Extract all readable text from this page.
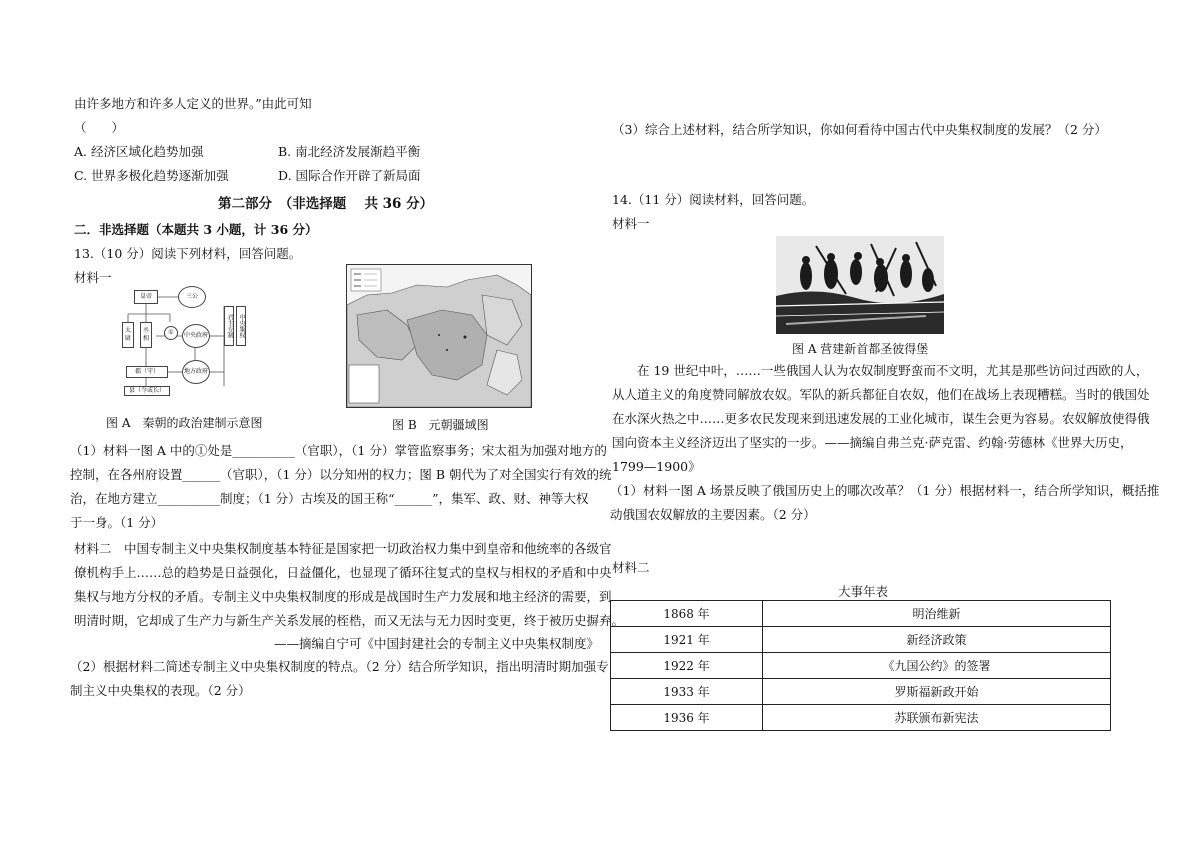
由许多地方和许多人定义的世界。”由此可知
（　　）
A. 经济区域化趋势加强	B. 南北经济发展渐趋平衡
C. 世界多极化趋势逐渐加强	D. 国际合作开辟了新局面
第二部分　（非选择题　 共 36 分）
二．非选择题（本题共 3 小题，计 36 分）
13.（10 分）阅读下列材料，回答问题。
材料一
皇帝	三公
太尉
丞相
①	中央政府
郡（守）	地方政府
县（令或长）
君主专制 中央集权
图 A　秦朝的政治建制示意图	图 B　元朝疆域图
（1）材料一图 A 中的①处是__________（官职），（1 分）掌管监察事务；宋太祖为加强对地方的
控制，在各州府设置______（官职），（1 分）以分知州的权力；图 B 朝代为了对全国实行有效的统
治，在地方建立__________制度；（1 分）古埃及的国王称“______”，集军、政、财、神等大权
于一身。（1 分）
材料二　中国专制主义中央集权制度基本特征是国家把一切政治权力集中到皇帝和他统率的各级官
僚机构手上……总的趋势是日益强化，日益僵化，也显现了循环往复式的皇权与相权的矛盾和中央
集权与地方分权的矛盾。专制主义中央集权制度的形成是战国时生产力发展和地主经济的需要，到
明清时期，它却成了生产力与新生产关系发展的桎梏，而又无法与无力因时变更，终于被历史摒弃。
——摘编自宁可《中国封建社会的专制主义中央集权制度》
（2）根据材料二简述专制主义中央集权制度的特点。（2 分）结合所学知识，指出明清时期加强专
制主义中央集权的表现。（2 分）
（3）综合上述材料，结合所学知识，你如何看待中国古代中央集权制度的发展？（2 分）
14.（11 分）阅读材料，回答问题。
材料一
图 A 营建新首都圣彼得堡
　　在 19 世纪中叶，……一些俄国人认为农奴制度野蛮而不文明，尤其是那些访问过西欧的人，
从人道主义的角度赞同解放农奴。军队的新兵都征自农奴，他们在战场上表现糟糕。当时的俄国处
在水深火热之中……更多农民发现来到迅速发展的工业化城市，谋生会更为容易。农奴解放使得俄
国向资本主义经济迈出了坚实的一步。——摘编自弗兰克·萨克雷、约翰·劳德林《世界大历史，
1799—1900》
（1）材料一图 A 场景反映了俄国历史上的哪次改革？（1 分）根据材料一，结合所学知识，概括推
动俄国农奴解放的主要因素。（2 分）
材料二
大事年表
1868 年	明治维新
1921 年	新经济政策
1922 年	《九国公约》的签署
1933 年	罗斯福新政开始
1936 年	苏联颁布新宪法
